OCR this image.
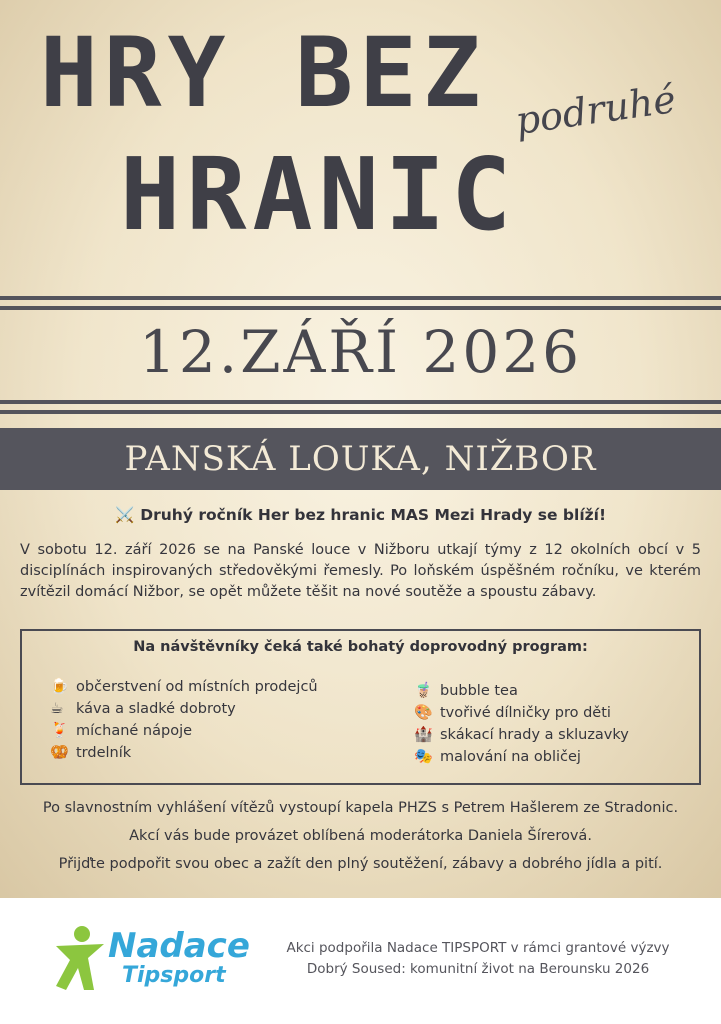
HRY BEZ podruhé
HRANIC
12.ZÁŘÍ 2026
PANSKÁ LOUKA, NIŽBOR
⚔️ Druhý ročník Her bez hranic MAS Mezi Hrady se blíží!

V sobotu 12. září 2026 se na Panské louce v Nižboru utkají týmy z 12 okolních obcí v 5 disciplínách inspirovaných středověkými řemesly. Po loňském úspěšném ročníku, ve kterém zvítězil domácí Nižbor, se opět můžete těšit na nové soutěže a spoustu zábavy.

Na návštěvníky čeká také bohatý doprovodný program:
🍺 občerstvení od místních prodejců
☕ káva a sladké dobroty
🍹 míchané nápoje
🥨 trdelník
🧋 bubble tea
🎨 tvořivé dílničky pro děti
🏰 skákací hrady a skluzavky
🎭 malování na obličej

Po slavnostním vyhlášení vítězů vystoupí kapela PHZS s Petrem Hašlerem ze Stradonic.

Akcí vás bude provázet oblíbená moderátorka Daniela Šírerová.

Přijďte podpořit svou obec a zažít den plný soutěžení, zábavy a dobrého jídla a pití.

Nadace
Tipsport
Akci podpořila Nadace TIPSPORT v rámci grantové výzvy
Dobrý Soused: komunitní život na Berounsku 2026
